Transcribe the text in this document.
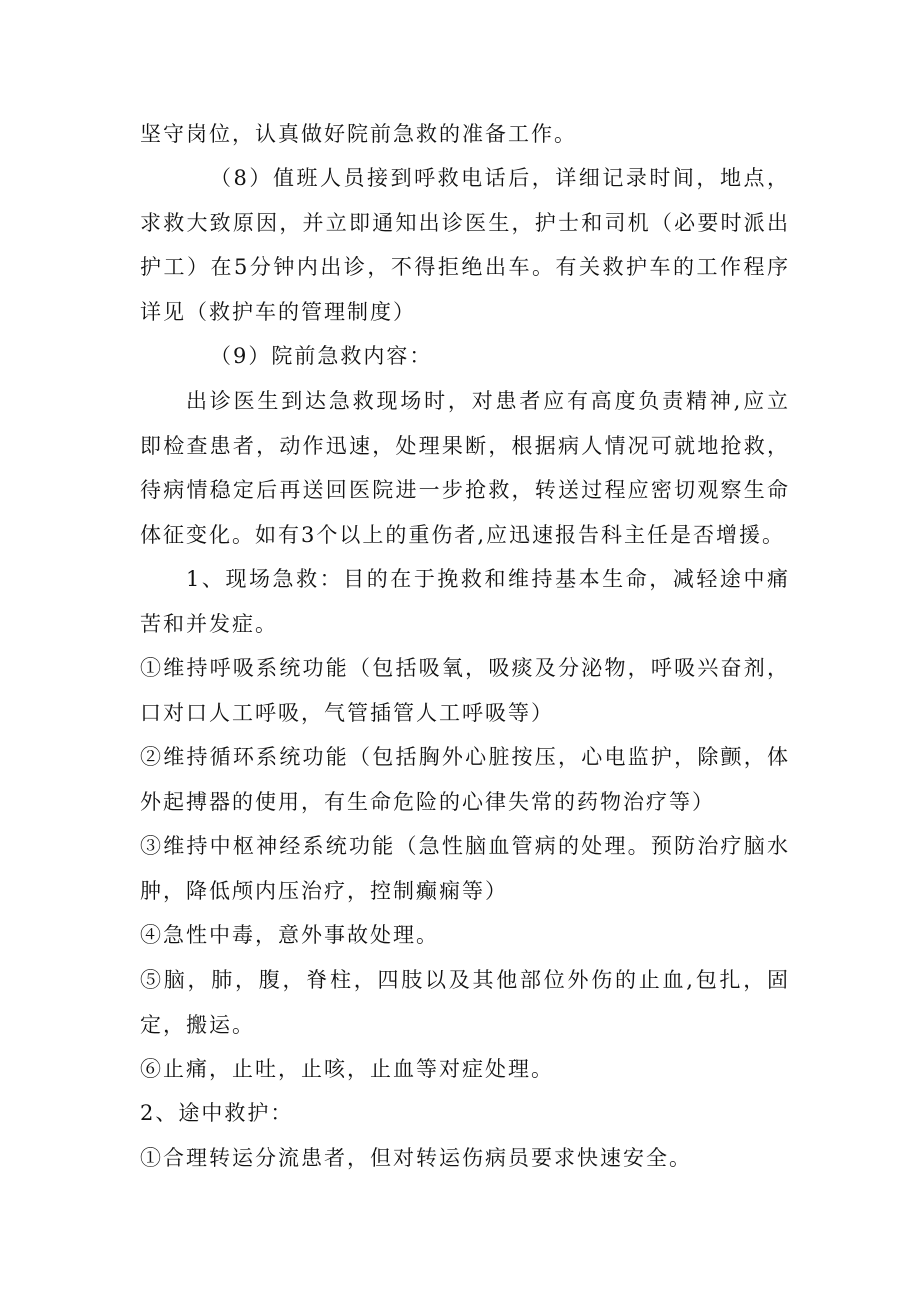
坚守岗位，认真做好院前急救的准备工作。

（8）值班人员接到呼救电话后，详细记录时间，地点，求救大致原因，并立即通知出诊医生，护士和司机（必要时派出护工）在5分钟内出诊，不得拒绝出车。有关救护车的工作程序详见（救护车的管理制度）

（9）院前急救内容：

出诊医生到达急救现场时，对患者应有高度负责精神,应立即检查患者，动作迅速，处理果断，根据病人情况可就地抢救，待病情稳定后再送回医院进一步抢救，转送过程应密切观察生命体征变化。如有3个以上的重伤者,应迅速报告科主任是否增援。

1、现场急救：目的在于挽救和维持基本生命，减轻途中痛苦和并发症。

①维持呼吸系统功能（包括吸氧，吸痰及分泌物，呼吸兴奋剂，口对口人工呼吸，气管插管人工呼吸等）

②维持循环系统功能（包括胸外心脏按压，心电监护，除颤，体外起搏器的使用，有生命危险的心律失常的药物治疗等）

③维持中枢神经系统功能（急性脑血管病的处理。预防治疗脑水肿，降低颅内压治疗，控制癫痫等）

④急性中毒，意外事故处理。

⑤脑，肺，腹，脊柱，四肢以及其他部位外伤的止血,包扎，固定，搬运。

⑥止痛，止吐，止咳，止血等对症处理。

2、途中救护：

①合理转运分流患者，但对转运伤病员要求快速安全。
